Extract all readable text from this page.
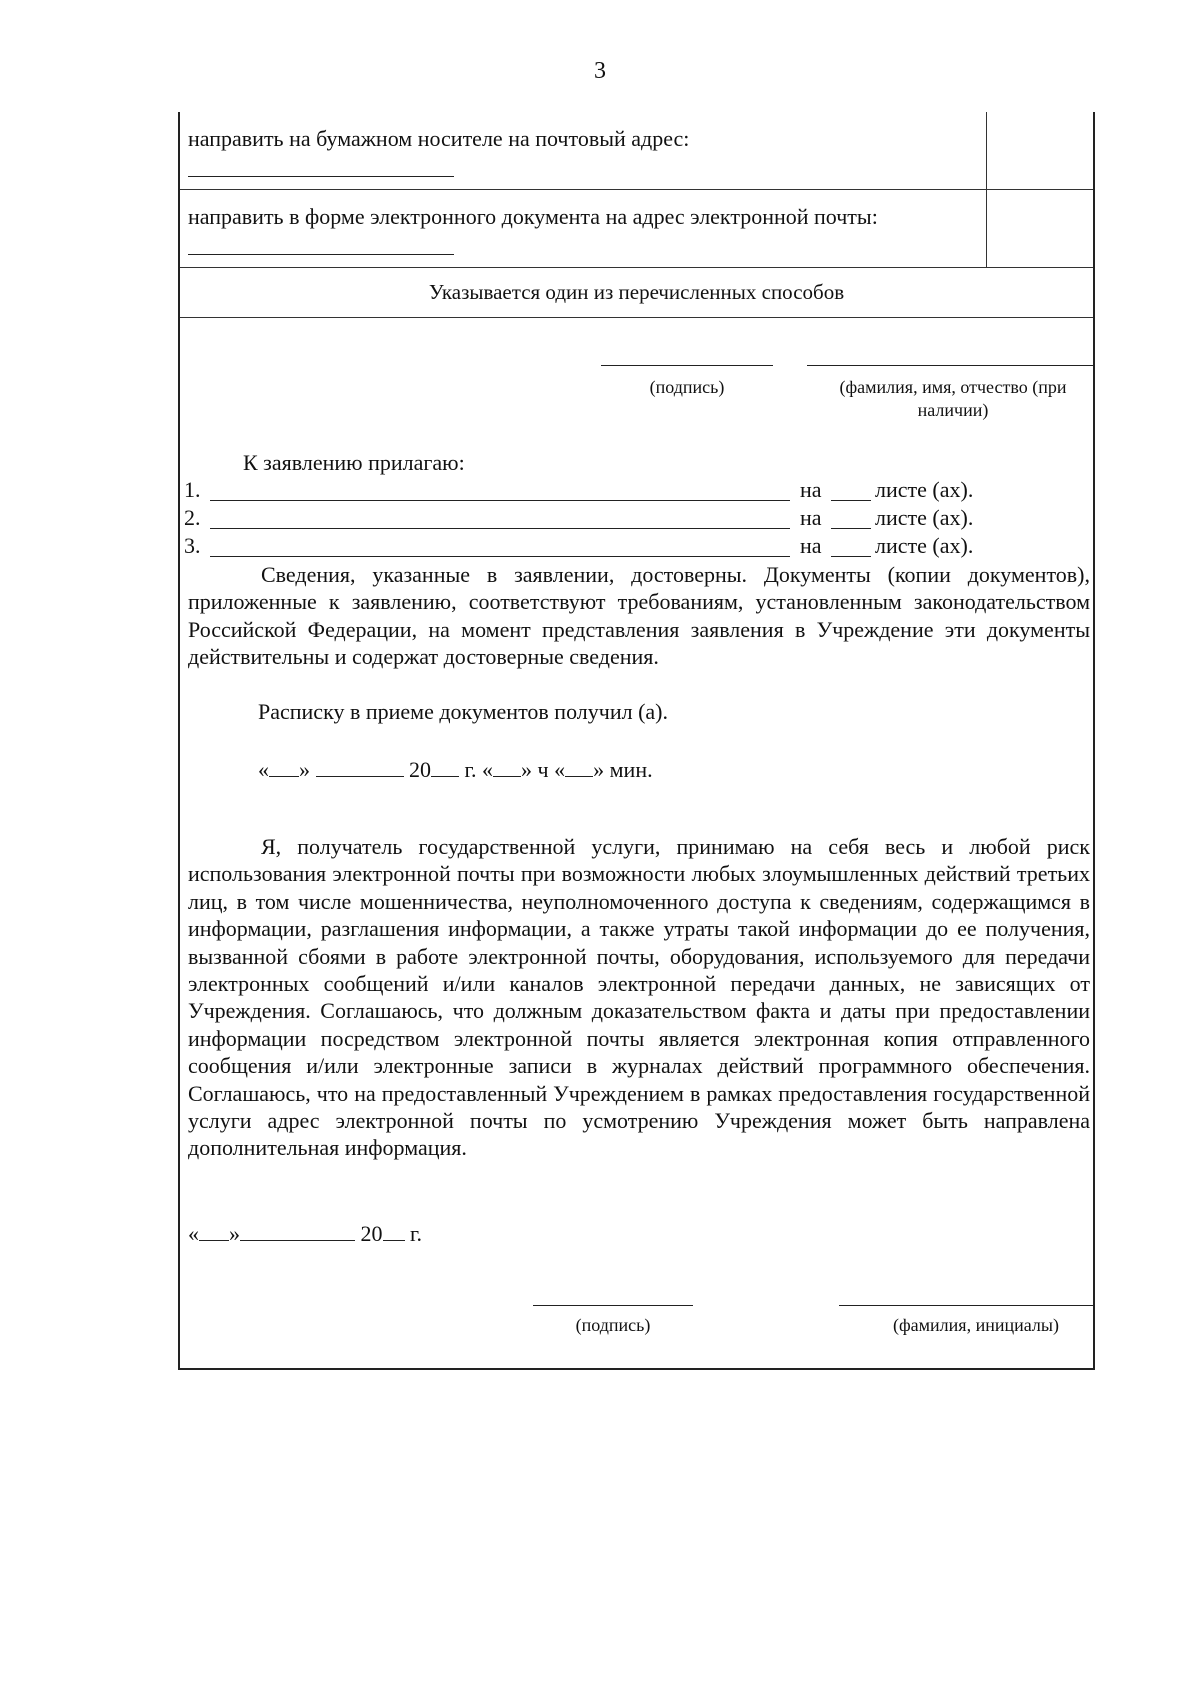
3
направить на бумажном носителе на почтовый адрес:
направить в форме электронного документа на адрес электронной почты:
Указывается один из перечисленных способов
(подпись)	(фамилия, имя, отчество (при
наличии)
К заявлению прилагаю:
1.	на листе (ах).
2.	на листе (ах).
3.	на листе (ах).
Сведения, указанные в заявлении, достоверны. Документы (копии документов), приложенные к заявлению, соответствуют требованиям, установленным законодательством Российской Федерации, на момент представления заявления в Учреждение эти документы действительны и содержат достоверные сведения.
Расписку в приеме документов получил (а).
« »	20 г. « » ч « » мин.
Я, получатель государственной услуги, принимаю на себя весь и любой риск использования электронной почты при возможности любых злоумышленных действий третьих лиц, в том числе мошенничества, неуполномоченного доступа к сведениям, содержащимся в информации, разглашения информации, а также утраты такой информации до ее получения, вызванной сбоями в работе электронной почты, оборудования, используемого для передачи электронных сообщений и/или каналов электронной передачи данных, не зависящих от Учреждения. Соглашаюсь, что должным доказательством факта и даты при предоставлении информации посредством электронной почты является электронная копия отправленного сообщения и/или электронные записи в журналах действий программного обеспечения. Соглашаюсь, что на предоставленный Учреждением в рамках предоставления государственной услуги адрес электронной почты по усмотрению Учреждения может быть направлена дополнительная информация.
« »	20 г.
(подпись)	(фамилия, инициалы)
